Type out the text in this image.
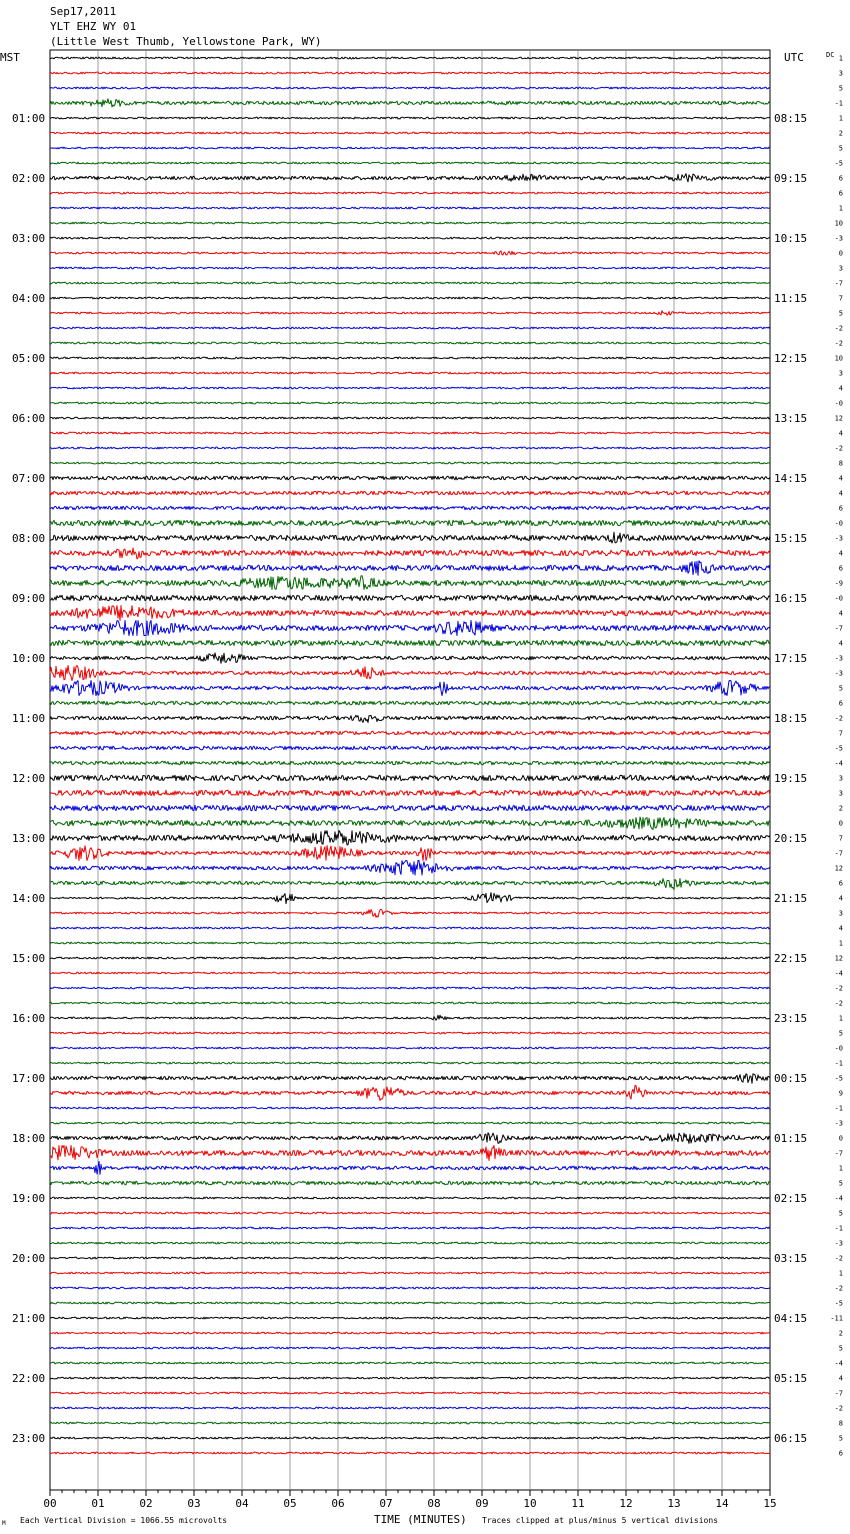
Sep17,2011
YLT EHZ WY 01
(Little West Thumb, Yellowstone Park, WY)
MST	UTC	DC
TIME (MINUTES)
Each Vertical Division = 1066.55 microvolts	Traces clipped at plus/minus 5 vertical divisions
M
00	01	02	03	04	05	06	07	08	09	10	11	12	13	14	15
1
3
5
-1
1
2
5
-5
6
6
1
10
-3
0
3
-7
7
5
-2
-2
10
3
4
-0
12
4
-2
8
4
4
6
-0
-3
4
6
-9
-0
4
-7
4
-3
-3
5
6
-2
7
-5
-4
3
3
2
0
7
-7
12
6
4
3
4
1
12
-4
-2
-2
1
5
-0
-1
-5
9
-1
-3
0
-7
1
5
-4
5
-1
-3
-2
1
-2
-5
-11
2
5
-4
4
-7
-2
8
5
6
01:00
02:00
03:00
04:00
05:00
06:00
07:00
08:00
09:00
10:00
11:00
12:00
13:00
14:00
15:00
16:00
17:00
18:00
19:00
20:00
21:00
22:00
23:00
08:15
09:15
10:15
11:15
12:15
13:15
14:15
15:15
16:15
17:15
18:15
19:15
20:15
21:15
22:15
23:15
00:15
01:15
02:15
03:15
04:15
05:15
06:15
